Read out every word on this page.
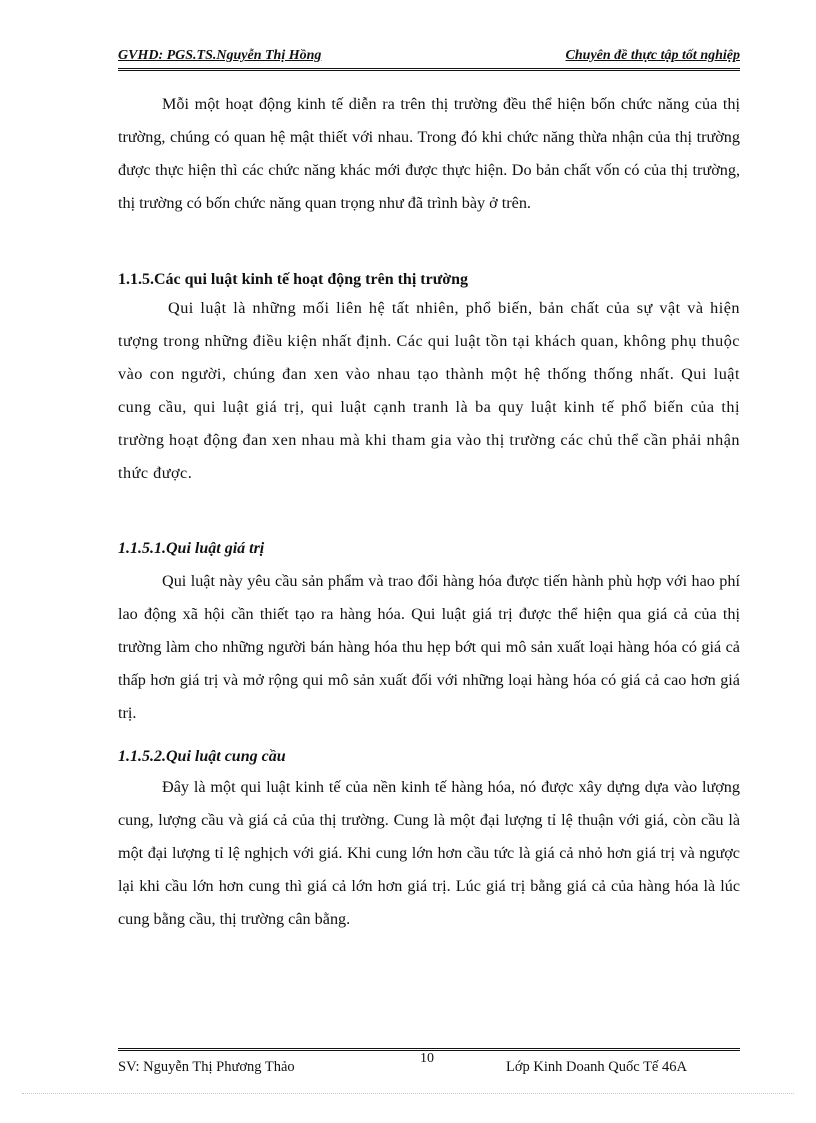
GVHD: PGS.TS.Nguyễn Thị Hồng	Chuyên đề thực tập tốt nghiệp

Mỗi một hoạt động kinh tế diễn ra trên thị trường đều thể hiện bốn chức năng của thị trường, chúng có quan hệ mật thiết với nhau. Trong đó khi chức năng thừa nhận của thị trường được thực hiện thì các chức năng khác mới được thực hiện. Do bản chất vốn có của thị trường, thị trường có bốn chức năng quan trọng như đã trình bày ở trên.

1.1.5.Các qui luật kinh tế hoạt động trên thị trường

Qui luật là những mối liên hệ tất nhiên, phổ biến, bản chất của sự vật và hiện tượng trong những điều kiện nhất định. Các qui luật tồn tại khách quan, không phụ thuộc vào con người, chúng đan xen vào nhau tạo thành một hệ thống thống nhất. Qui luật cung cầu, qui luật giá trị, qui luật cạnh tranh là ba quy luật kinh tế phổ biến của thị trường hoạt động đan xen nhau mà khi tham gia vào thị trường các chủ thể cần phải nhận thức được.

1.1.5.1.Qui luật giá trị

Qui luật này yêu cầu sản phẩm và trao đổi hàng hóa được tiến hành phù hợp với hao phí lao động xã hội cần thiết tạo ra hàng hóa. Qui luật giá trị được thể hiện qua giá cả của thị trường làm cho những người bán hàng hóa thu hẹp bớt qui mô sản xuất loại hàng hóa có giá cả thấp hơn giá trị và mở rộng qui mô sản xuất đối với những loại hàng hóa có giá cả cao hơn giá trị.

1.1.5.2.Qui luật cung cầu

Đây là một qui luật kinh tế của nền kinh tế hàng hóa, nó được xây dựng dựa vào lượng cung, lượng cầu và giá cả của thị trường. Cung là một đại lượng tỉ lệ thuận với giá, còn cầu là một đại lượng tỉ lệ nghịch với giá. Khi cung lớn hơn cầu tức là giá cả nhỏ hơn giá trị và ngược lại khi cầu lớn hơn cung thì giá cả lớn hơn giá trị. Lúc giá trị bằng giá cả của hàng hóa là lúc cung bằng cầu, thị trường cân bằng.

SV: Nguyễn Thị Phương Thảo
10
Lớp Kinh Doanh Quốc Tế 46A
